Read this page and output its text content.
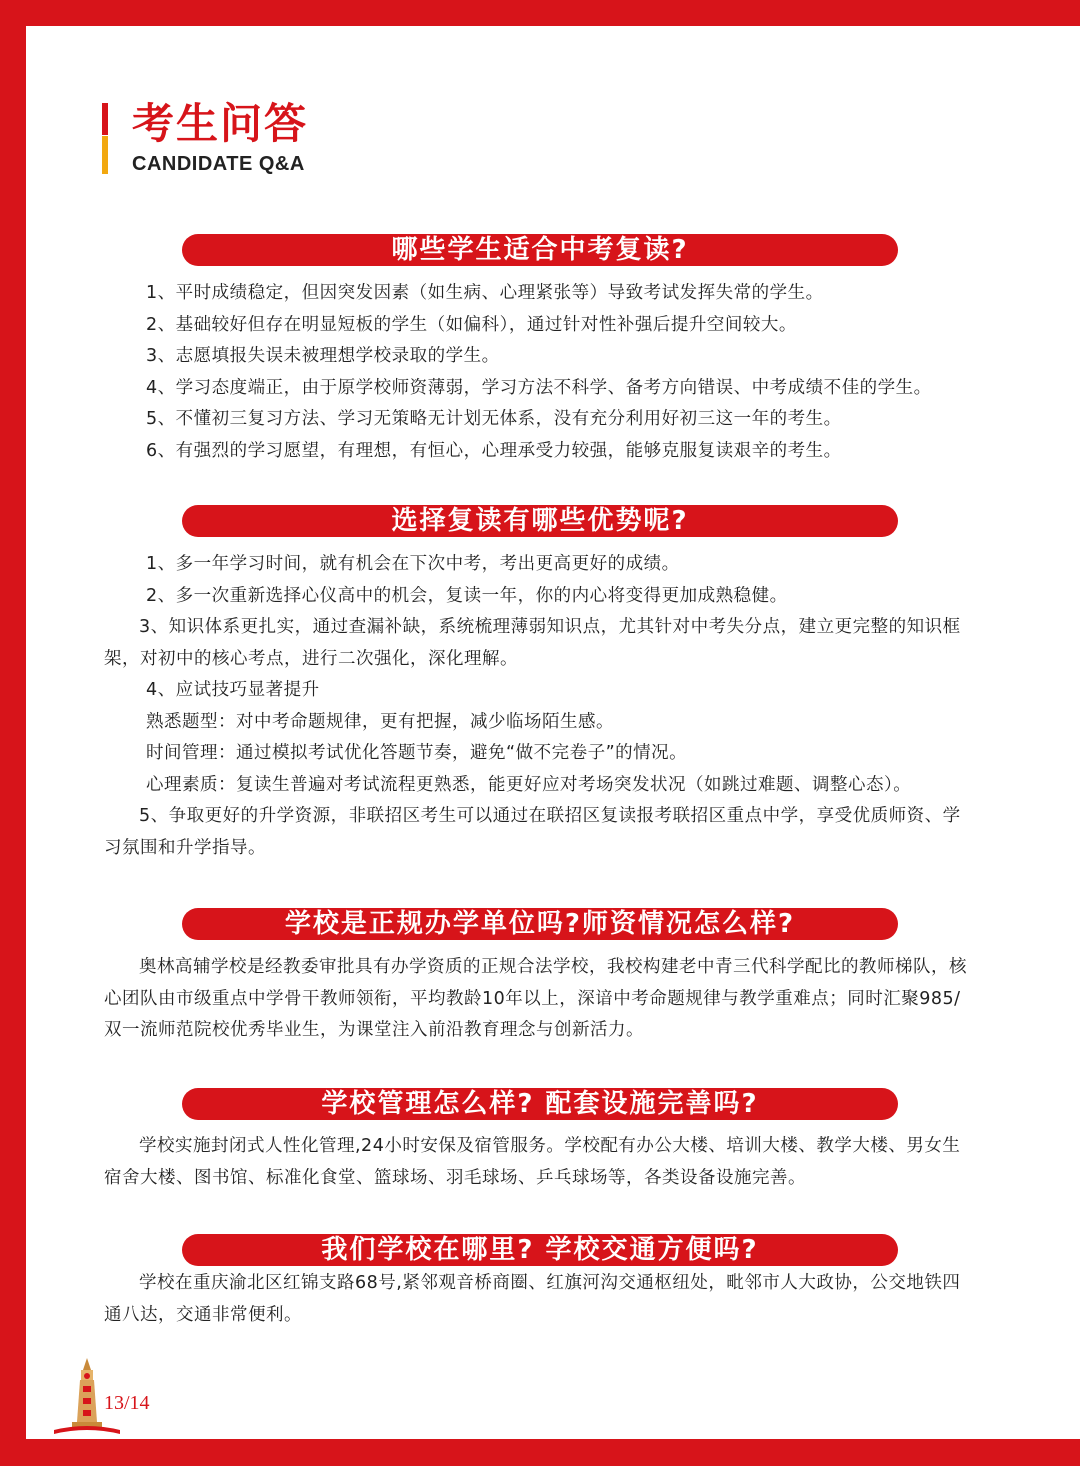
考生问答
CANDIDATE Q&A
哪些学生适合中考复读?
1、平时成绩稳定，但因突发因素（如生病、心理紧张等）导致考试发挥失常的学生。
2、基础较好但存在明显短板的学生（如偏科），通过针对性补强后提升空间较大。
3、志愿填报失误未被理想学校录取的学生。
4、学习态度端正，由于原学校师资薄弱，学习方法不科学、备考方向错误、中考成绩不佳的学生。
5、不懂初三复习方法、学习无策略无计划无体系，没有充分利用好初三这一年的考生。
6、有强烈的学习愿望，有理想，有恒心，心理承受力较强，能够克服复读艰辛的考生。
选择复读有哪些优势呢?
1、多一年学习时间，就有机会在下次中考，考出更高更好的成绩。
2、多一次重新选择心仪高中的机会，复读一年，你的内心将变得更加成熟稳健。

3、知识体系更扎实，通过查漏补缺，系统梳理薄弱知识点，尤其针对中考失分点，建立更完整的知识框架，对初中的核心考点，进行二次强化，深化理解。

4、应试技巧显著提升
熟悉题型：对中考命题规律，更有把握，减少临场陌生感。
时间管理：通过模拟考试优化答题节奏，避免“做不完卷子”的情况。
心理素质：复读生普遍对考试流程更熟悉，能更好应对考场突发状况（如跳过难题、调整心态）。

5、争取更好的升学资源，非联招区考生可以通过在联招区复读报考联招区重点中学，享受优质师资、学习氛围和升学指导。

学校是正规办学单位吗?师资情况怎么样?

奥林高辅学校是经教委审批具有办学资质的正规合法学校，我校构建老中青三代科学配比的教师梯队，核心团队由市级重点中学骨干教师领衔，平均教龄10年以上，深谙中考命题规律与教学重难点；同时汇聚985/双一流师范院校优秀毕业生，为课堂注入前沿教育理念与创新活力。

学校管理怎么样? 配套设施完善吗?

学校实施封闭式人性化管理,24小时安保及宿管服务。学校配有办公大楼、培训大楼、教学大楼、男女生宿舍大楼、图书馆、标准化食堂、篮球场、羽毛球场、乒乓球场等，各类设备设施完善。

我们学校在哪里? 学校交通方便吗?

学校在重庆渝北区红锦支路68号,紧邻观音桥商圈、红旗河沟交通枢纽处，毗邻市人大政协，公交地铁四通八达，交通非常便利。

13/14
